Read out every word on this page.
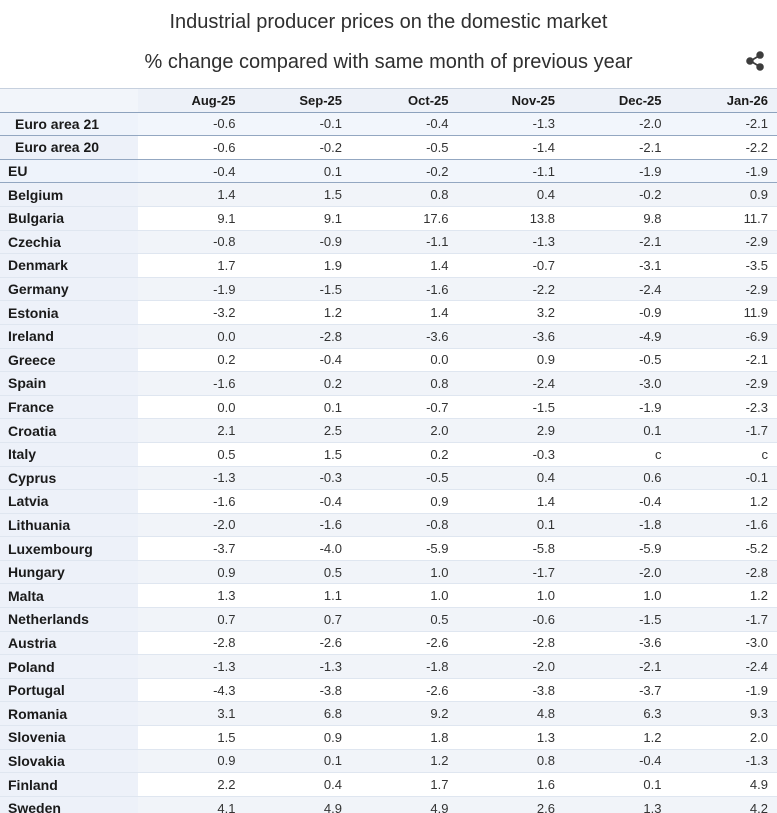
Industrial producer prices on the domestic market
% change compared with same month of previous year
	Aug-25	Sep-25	Oct-25	Nov-25	Dec-25	Jan-26
Euro area 21	-0.6	-0.1	-0.4	-1.3	-2.0	-2.1
Euro area 20	-0.6	-0.2	-0.5	-1.4	-2.1	-2.2
EU	-0.4	0.1	-0.2	-1.1	-1.9	-1.9
Belgium	1.4	1.5	0.8	0.4	-0.2	0.9
Bulgaria	9.1	9.1	17.6	13.8	9.8	11.7
Czechia	-0.8	-0.9	-1.1	-1.3	-2.1	-2.9
Denmark	1.7	1.9	1.4	-0.7	-3.1	-3.5
Germany	-1.9	-1.5	-1.6	-2.2	-2.4	-2.9
Estonia	-3.2	1.2	1.4	3.2	-0.9	11.9
Ireland	0.0	-2.8	-3.6	-3.6	-4.9	-6.9
Greece	0.2	-0.4	0.0	0.9	-0.5	-2.1
Spain	-1.6	0.2	0.8	-2.4	-3.0	-2.9
France	0.0	0.1	-0.7	-1.5	-1.9	-2.3
Croatia	2.1	2.5	2.0	2.9	0.1	-1.7
Italy	0.5	1.5	0.2	-0.3	c	c
Cyprus	-1.3	-0.3	-0.5	0.4	0.6	-0.1
Latvia	-1.6	-0.4	0.9	1.4	-0.4	1.2
Lithuania	-2.0	-1.6	-0.8	0.1	-1.8	-1.6
Luxembourg	-3.7	-4.0	-5.9	-5.8	-5.9	-5.2
Hungary	0.9	0.5	1.0	-1.7	-2.0	-2.8
Malta	1.3	1.1	1.0	1.0	1.0	1.2
Netherlands	0.7	0.7	0.5	-0.6	-1.5	-1.7
Austria	-2.8	-2.6	-2.6	-2.8	-3.6	-3.0
Poland	-1.3	-1.3	-1.8	-2.0	-2.1	-2.4
Portugal	-4.3	-3.8	-2.6	-3.8	-3.7	-1.9
Romania	3.1	6.8	9.2	4.8	6.3	9.3
Slovenia	1.5	0.9	1.8	1.3	1.2	2.0
Slovakia	0.9	0.1	1.2	0.8	-0.4	-1.3
Finland	2.2	0.4	1.7	1.6	0.1	4.9
Sweden	4.1	4.9	4.9	2.6	1.3	4.2
